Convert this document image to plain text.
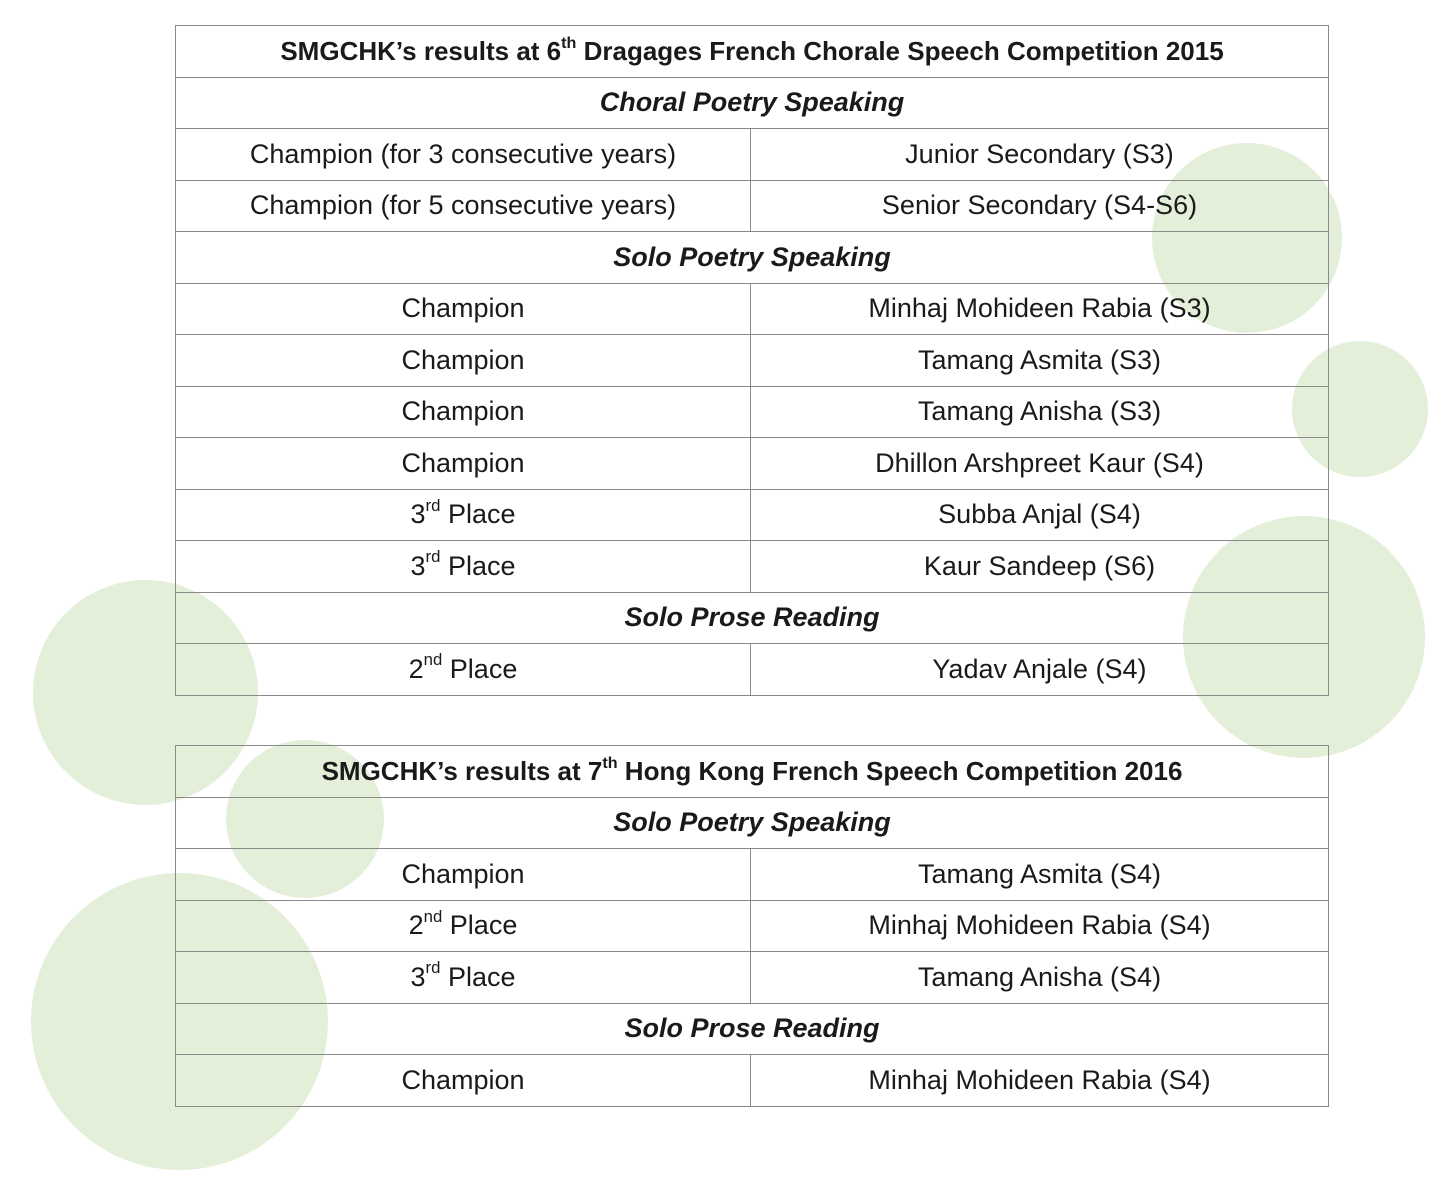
SMGCHK’s results at 6th Dragages French Chorale Speech Competition 2015	
Choral Poetry Speaking	
Champion (for 3 consecutive years)	Junior Secondary (S3)
Champion (for 5 consecutive years)	Senior Secondary (S4-S6)
Solo Poetry Speaking	
Champion	Minhaj Mohideen Rabia (S3)
Champion	Tamang Asmita (S3)
Champion	Tamang Anisha (S3)
Champion	Dhillon Arshpreet Kaur (S4)
3rd Place	Subba Anjal (S4)
3rd Place	Kaur Sandeep (S6)
Solo Prose Reading	
2nd Place	Yadav Anjale (S4)
SMGCHK’s results at 7th Hong Kong French Speech Competition 2016	
Solo Poetry Speaking	
Champion	Tamang Asmita (S4)
2nd Place	Minhaj Mohideen Rabia (S4)
3rd Place	Tamang Anisha (S4)
Solo Prose Reading	
Champion	Minhaj Mohideen Rabia (S4)
